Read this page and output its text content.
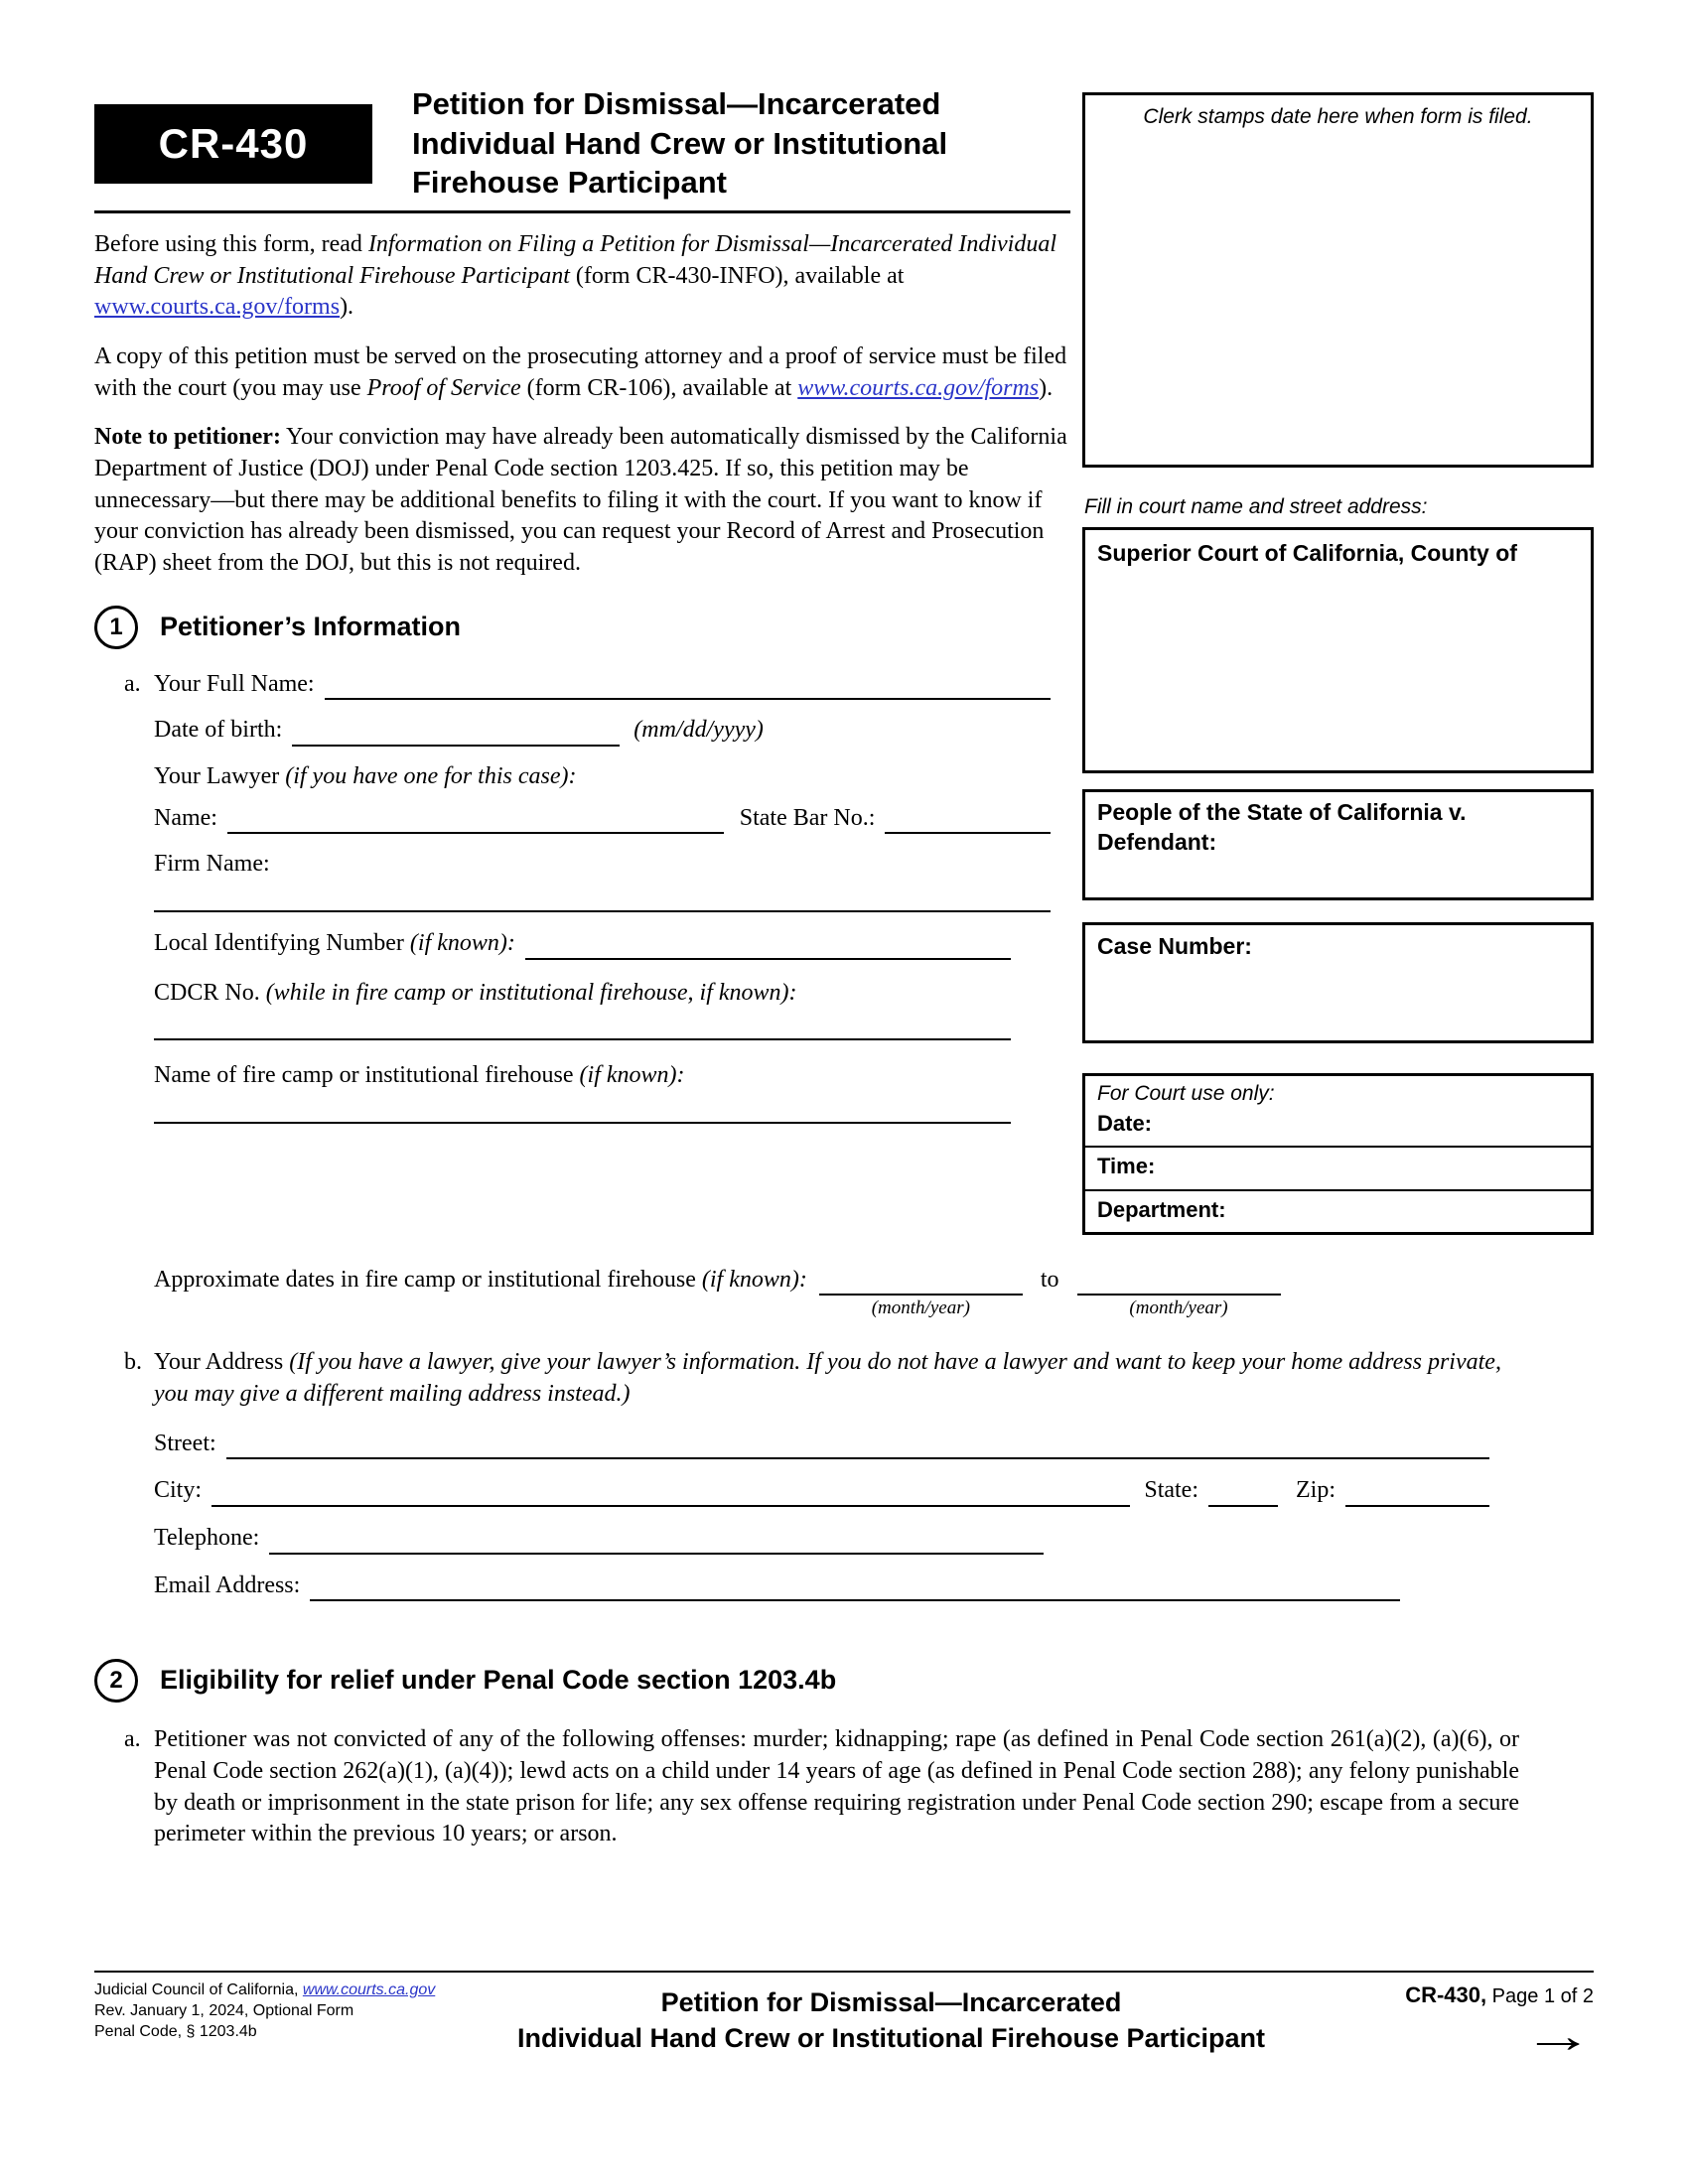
CR-430
Petition for Dismissal—Incarcerated
Individual Hand Crew or Institutional
Firehouse Participant

Before using this form, read Information on Filing a Petition for Dismissal—Incarcerated Individual Hand Crew or Institutional Firehouse Participant (form CR-430-INFO), available at www.courts.ca.gov/forms).

A copy of this petition must be served on the prosecuting attorney and a proof of service must be filed with the court (you may use Proof of Service (form CR-106), available at www.courts.ca.gov/forms).

Note to petitioner: Your conviction may have already been automatically dismissed by the California Department of Justice (DOJ) under Penal Code section 1203.425. If so, this petition may be unnecessary—but there may be additional benefits to filing it with the court. If you want to know if your conviction has already been dismissed, you can request your Record of Arrest and Prosecution (RAP) sheet from the DOJ, but this is not required.

1	Petitioner’s Information
a. Your Full Name:
Date of birth:	(mm/dd/yyyy)
Your Lawyer (if you have one for this case):
Name:	State Bar No.:
Firm Name:
Local Identifying Number (if known):
CDCR No. (while in fire camp or institutional firehouse, if known):
Name of fire camp or institutional firehouse (if known):
Clerk stamps date here when form is filed.
Fill in court name and street address:
Superior Court of California, County of
People of the State of California v.
Defendant:
Case Number:
For Court use only:
Date:
Time:
Department:
Approximate dates in fire camp or institutional firehouse (if known):
(month/year)
to
(month/year)
b. Your Address (If you have a lawyer, give your lawyer’s information. If you do not have a lawyer and want to keep your home address private, you may give a different mailing address instead.)
Street:
City:	State:	Zip:
Telephone:
Email Address:
2	Eligibility for relief under Penal Code section 1203.4b
a. Petitioner was not convicted of any of the following offenses: murder; kidnapping; rape (as defined in Penal Code section 261(a)(2), (a)(6), or Penal Code section 262(a)(1), (a)(4)); lewd acts on a child under 14 years of age (as defined in Penal Code section 288); any felony punishable by death or imprisonment in the state prison for life; any sex offense requiring registration under Penal Code section 290; escape from a secure perimeter within the previous 10 years; or arson.
Judicial Council of California, www.courts.ca.gov
Rev. January 1, 2024, Optional Form
Penal Code, § 1203.4b
Petition for Dismissal—Incarcerated
Individual Hand Crew or Institutional Firehouse Participant
CR-430, Page 1 of 2
→
